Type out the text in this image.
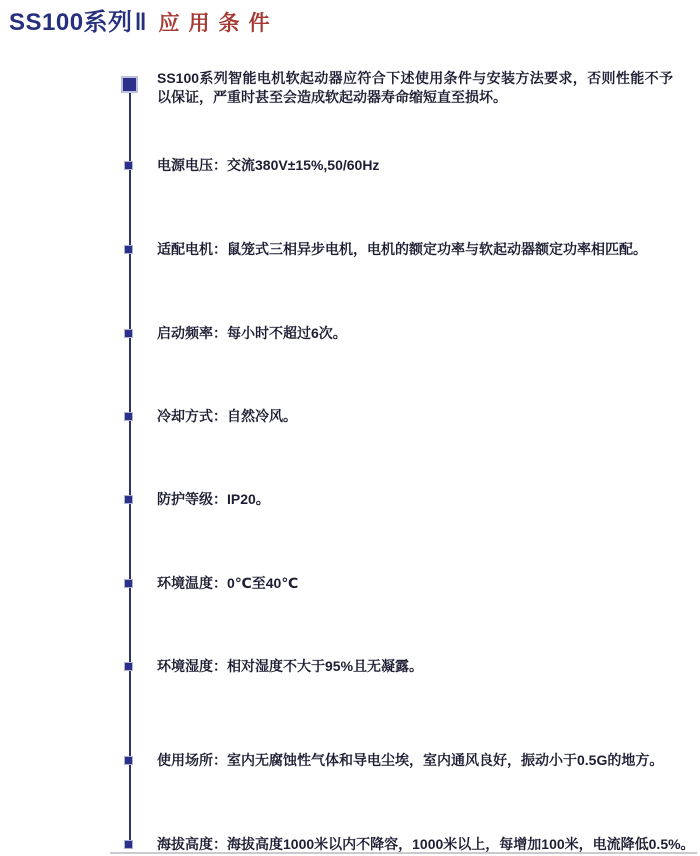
SS100系列‖ 应用条件
SS100系列智能电机软起动器应符合下述使用条件与安装方法要求，否则性能不予以保证，严重时甚至会造成软起动器寿命缩短直至损坏。
电源电压：交流380V±15%,50/60Hz
适配电机：鼠笼式三相异步电机，电机的额定功率与软起动器额定功率相匹配。
启动频率：每小时不超过6次。
冷却方式：自然冷风。
防护等级：IP20。
环境温度：0℃至40℃
环境湿度：相对湿度不大于95%且无凝露。
使用场所：室内无腐蚀性气体和导电尘埃，室内通风良好，振动小于0.5G的地方。
海拔高度：海拔高度1000米以内不降容，1000米以上，每增加100米，电流降低0.5%。
